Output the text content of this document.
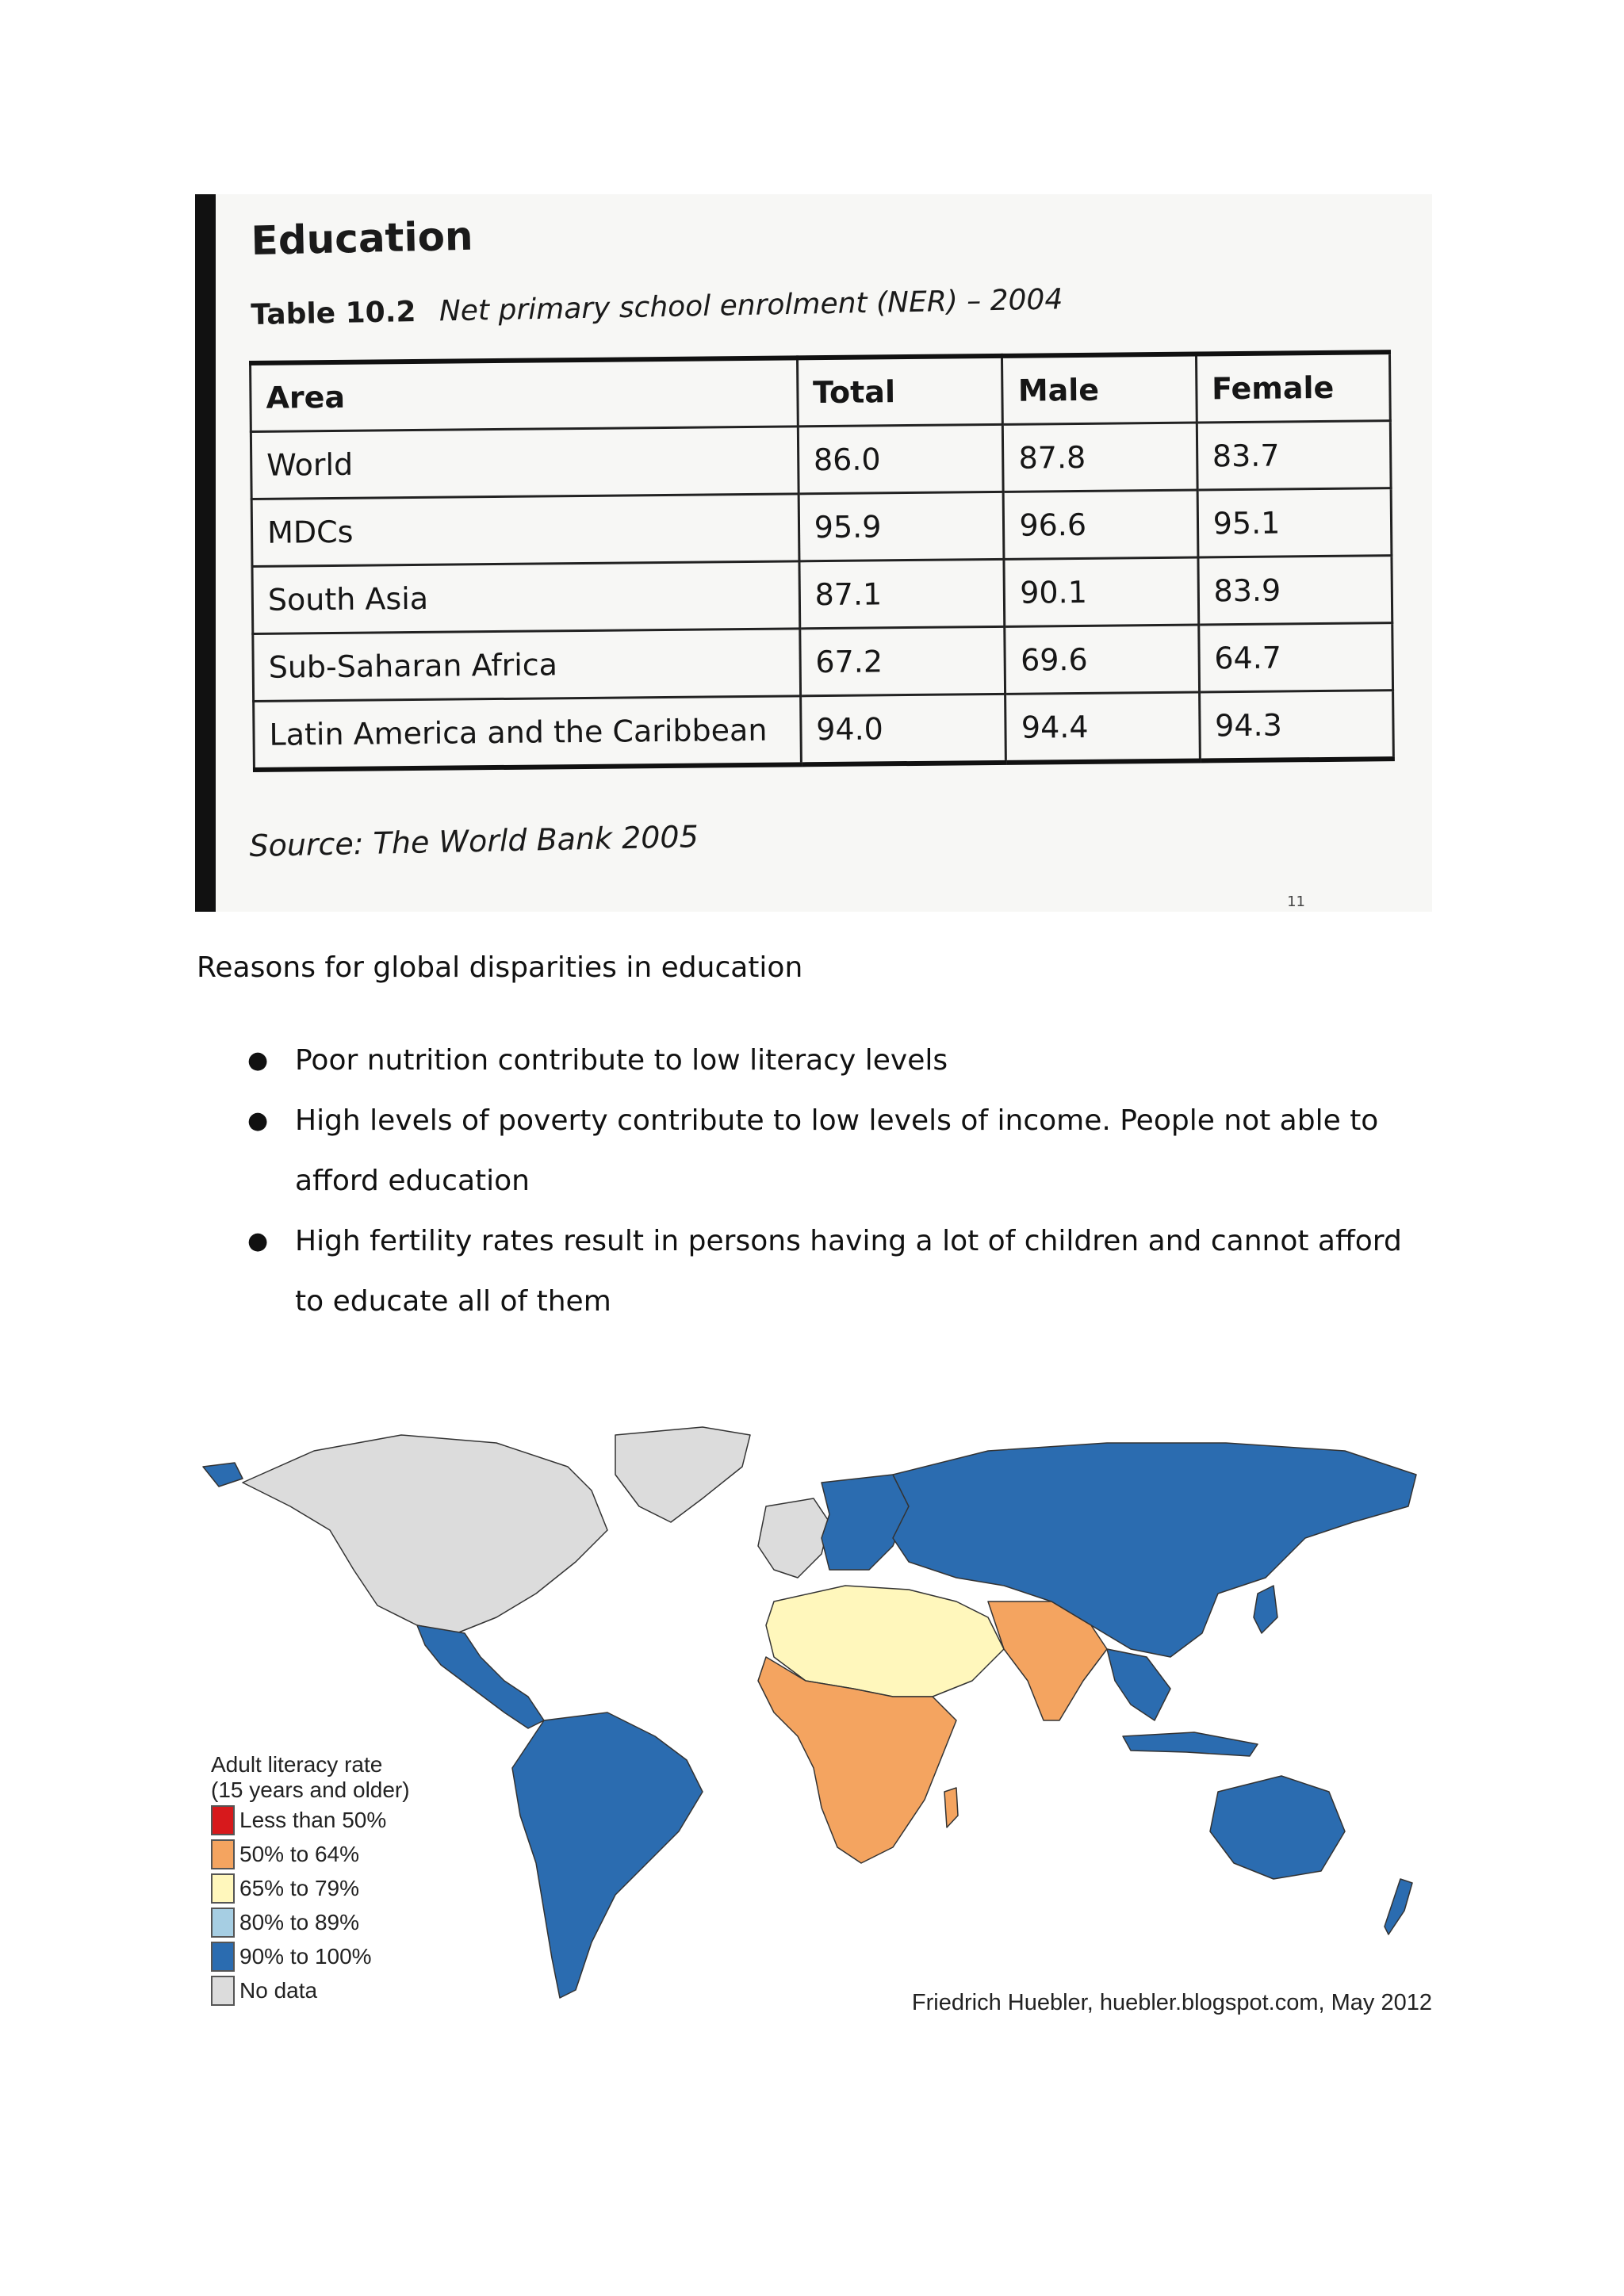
Education
Table 10.2 Net primary school enrolment (NER) – 2004
Area	Total	Male	Female
World	86.0	87.8	83.7
MDCs	95.9	96.6	95.1
South Asia	87.1	90.1	83.9
Sub-Saharan Africa	67.2	69.6	64.7
Latin America and the Caribbean	94.0	94.4	94.3
Source: The World Bank 2005
11
Reasons for global disparities in education
● Poor nutrition contribute to low literacy levels
● High levels of poverty contribute to low levels of income. People not able to afford education
● High fertility rates result in persons having a lot of children and cannot afford to educate all of them
Adult literacy rate
(15 years and older)
Less than 50%
50% to 64%
65% to 79%
80% to 89%
90% to 100%
No data	Friedrich Huebler, huebler.blogspot.com, May 2012
